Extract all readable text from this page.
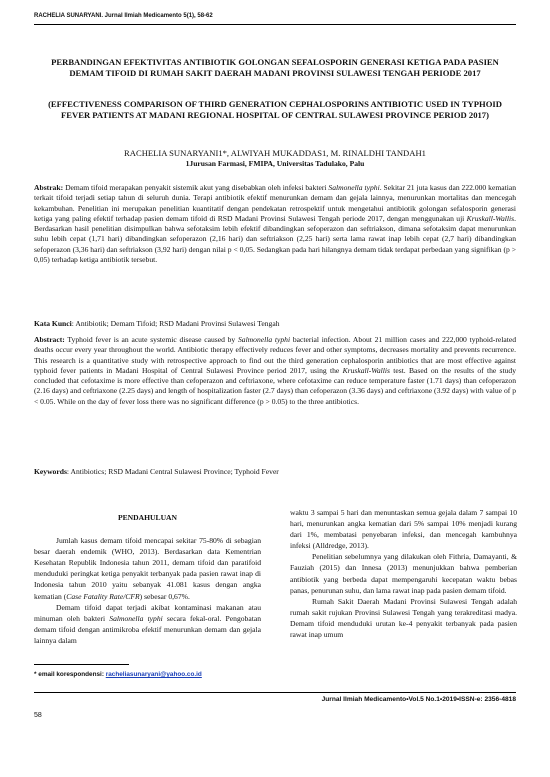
RACHELIA SUNARYANI. Jurnal Ilmiah Medicamento 5(1), 58-62
PERBANDINGAN EFEKTIVITAS ANTIBIOTIK GOLONGAN SEFALOSPORIN GENERASI KETIGA PADA PASIEN DEMAM TIFOID DI RUMAH SAKIT DAERAH MADANI PROVINSI SULAWESI TENGAH PERIODE 2017
(EFFECTIVENESS COMPARISON OF THIRD GENERATION CEPHALOSPORINS ANTIBIOTIC USED IN TYPHOID FEVER PATIENTS AT MADANI REGIONAL HOSPITAL OF CENTRAL SULAWESI PROVINCE PERIOD 2017)
RACHELIA SUNARYANI1*, ALWIYAH MUKADDAS1, M. RINALDHI TANDAH1
1Jurusan Farmasi, FMIPA, Universitas Tadulako, Palu

Abstrak: Demam tifoid merapakan penyakit sistemik akut yang disebabkan oleh infeksi bakteri Salmonella typhi. Sekitar 21 juta kasus dan 222.000 kematian terkait tifoid terjadi setiap tahun di seluruh dunia. Terapi antibiotik efektif menurunkan demam dan gejala lainnya, menurunkan mortalitas dan mencegah kekambuhan. Penelitian ini merupakan penelitian kuantitatif dengan pendekatan retrospektif untuk mengetahui antibiotik golongan sefalosporin generasi ketiga yang paling efektif terhadap pasien demam tifoid di RSD Madani Provinsi Sulawesi Tengah periode 2017, dengan menggunakan uji Kruskall-Wallis. Berdasarkan hasil penelitian disimpulkan bahwa sefotaksim lebih efektif dibandingkan sefoperazon dan seftriakson, dimana sefotaksim dapat menurunkan suhu lebih cepat (1,71 hari) dibandingkan sefoperazon (2,16 hari) dan seftriakson (2,25 hari) serta lama rawat inap lebih cepat (2,7 hari) dibandingkan sefoperazon (3,36 hari) dan seftriakson (3,92 hari) dengan nilai p < 0,05. Sedangkan pada hari hilangnya demam tidak terdapat perbedaan yang signifikan (p > 0,05) terhadap ketiga antibiotik tersebut.

Kata Kunci: Antibiotik; Demam Tifoid; RSD Madani Provinsi Sulawesi Tengah

Abstract: Typhoid fever is an acute systemic disease caused by Salmonella typhi bacterial infection. About 21 million cases and 222,000 typhoid-related deaths occur every year throughout the world. Antibiotic therapy effectively reduces fever and other symptoms, decreases mortality and prevents recurrence. This research is a quantitative study with retrospective approach to find out the third generation cephalosporin antibiotics that are most effective against typhoid fever patients in Madani Hospital of Central Sulawesi Province period 2017, using the Kruskall-Wallis test. Based on the results of the study concluded that cefotaxime is more effective than cefoperazon and ceftriaxone, where cefotaxime can reduce temperature faster (1.71 days) than cefoperazon (2.16 days) and ceftriaxone (2.25 days) and length of hospitalization faster (2.7 days) than cefoperazon (3.36 days) and ceftriaxone (3.92 days) with value of p < 0.05. While on the day of fever loss there was no significant difference (p > 0.05) to the three antibiotics.

Keywords: Antibiotics; RSD Madani Central Sulawesi Province; Typhoid Fever

PENDAHULUAN

Jumlah kasus demam tifoid mencapai sekitar 75-80% di sebagian besar daerah endemik (WHO, 2013). Berdasarkan data Kementrian Kesehatan Republik Indonesia tahun 2011, demam tifoid dan paratifoid menduduki peringkat ketiga penyakit terbanyak pada pasien rawat inap di Indonesia tahun 2010 yaitu sebanyak 41.081 kasus dengan angka kematian (Case Fatality Rate/CFR) sebesar 0,67%.

Demam tifoid dapat terjadi akibat kontaminasi makanan atau minuman oleh bakteri Salmonella typhi secara fekal-oral. Pengobatan demam tifoid dengan antimikroba efektif menurunkan demam dan gejala lainnya dalam

waktu 3 sampai 5 hari dan menuntaskan semua gejala dalam 7 sampai 10 hari, menurunkan angka kematian dari 5% sampai 10% menjadi kurang dari 1%, membatasi penyebaran infeksi, dan mencegah kambuhnya infeksi (Alldredge, 2013).

Penelitian sebelumnya yang dilakukan oleh Fithria, Damayanti, & Fauziah (2015) dan Innesa (2013) menunjukkan bahwa pemberian antibiotik yang berbeda dapat mempengaruhi kecepatan waktu bebas panas, penurunan suhu, dan lama rawat inap pada pasien demam tifoid.

Rumah Sakit Daerah Madani Provinsi Sulawesi Tengah adalah rumah sakit rujukan Provinsi Sulawesi Tengah yang terakreditasi madya. Demam tifoid menduduki urutan ke-4 penyakit terbanyak pada pasien rawat inap umum

* email korespondensi: racheliasunaryani@yahoo.co.id
Jurnal Ilmiah Medicamento•Vol.5 No.1•2019•ISSN-e: 2356-4818
58
